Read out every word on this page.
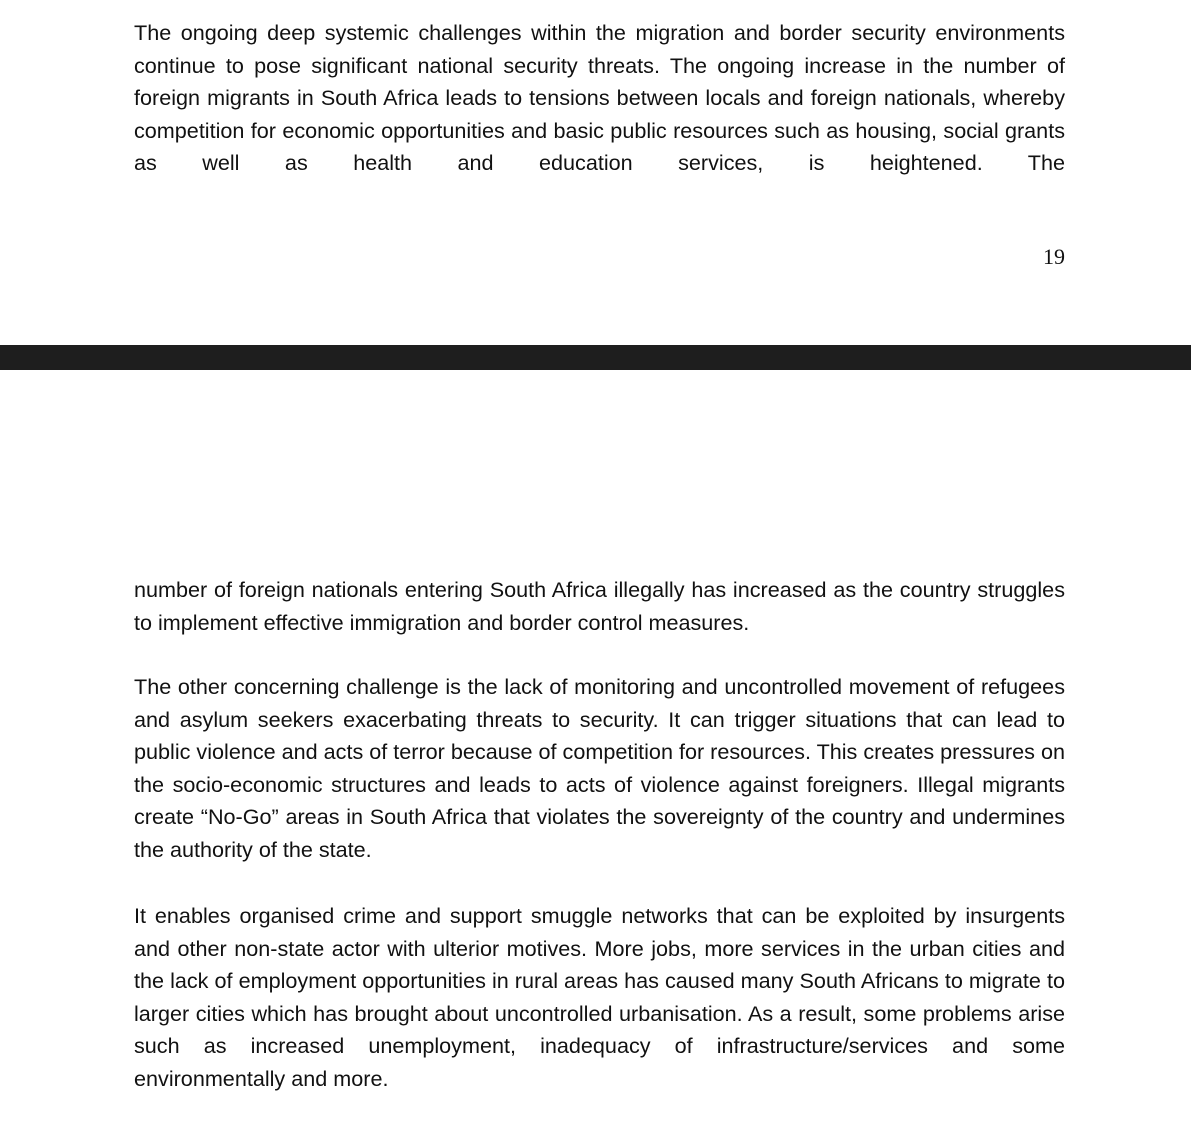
The ongoing deep systemic challenges within the migration and border security environments continue to pose significant national security threats. The ongoing increase in the number of foreign migrants in South Africa leads to tensions between locals and foreign nationals, whereby competition for economic opportunities and basic public resources such as housing, social grants as well as health and education services, is heightened. The

19

number of foreign nationals entering South Africa illegally has increased as the country struggles to implement effective immigration and border control measures.

The other concerning challenge is the lack of monitoring and uncontrolled movement of refugees and asylum seekers exacerbating threats to security. It can trigger situations that can lead to public violence and acts of terror because of competition for resources. This creates pressures on the socio-economic structures and leads to acts of violence against foreigners. Illegal migrants create “No-Go” areas in South Africa that violates the sovereignty of the country and undermines the authority of the state.

It enables organised crime and support smuggle networks that can be exploited by insurgents and other non-state actor with ulterior motives. More jobs, more services in the urban cities and the lack of employment opportunities in rural areas has caused many South Africans to migrate to larger cities which has brought about uncontrolled urbanisation. As a result, some problems arise such as increased unemployment, inadequacy of infrastructure/services and some environmentally and more.
